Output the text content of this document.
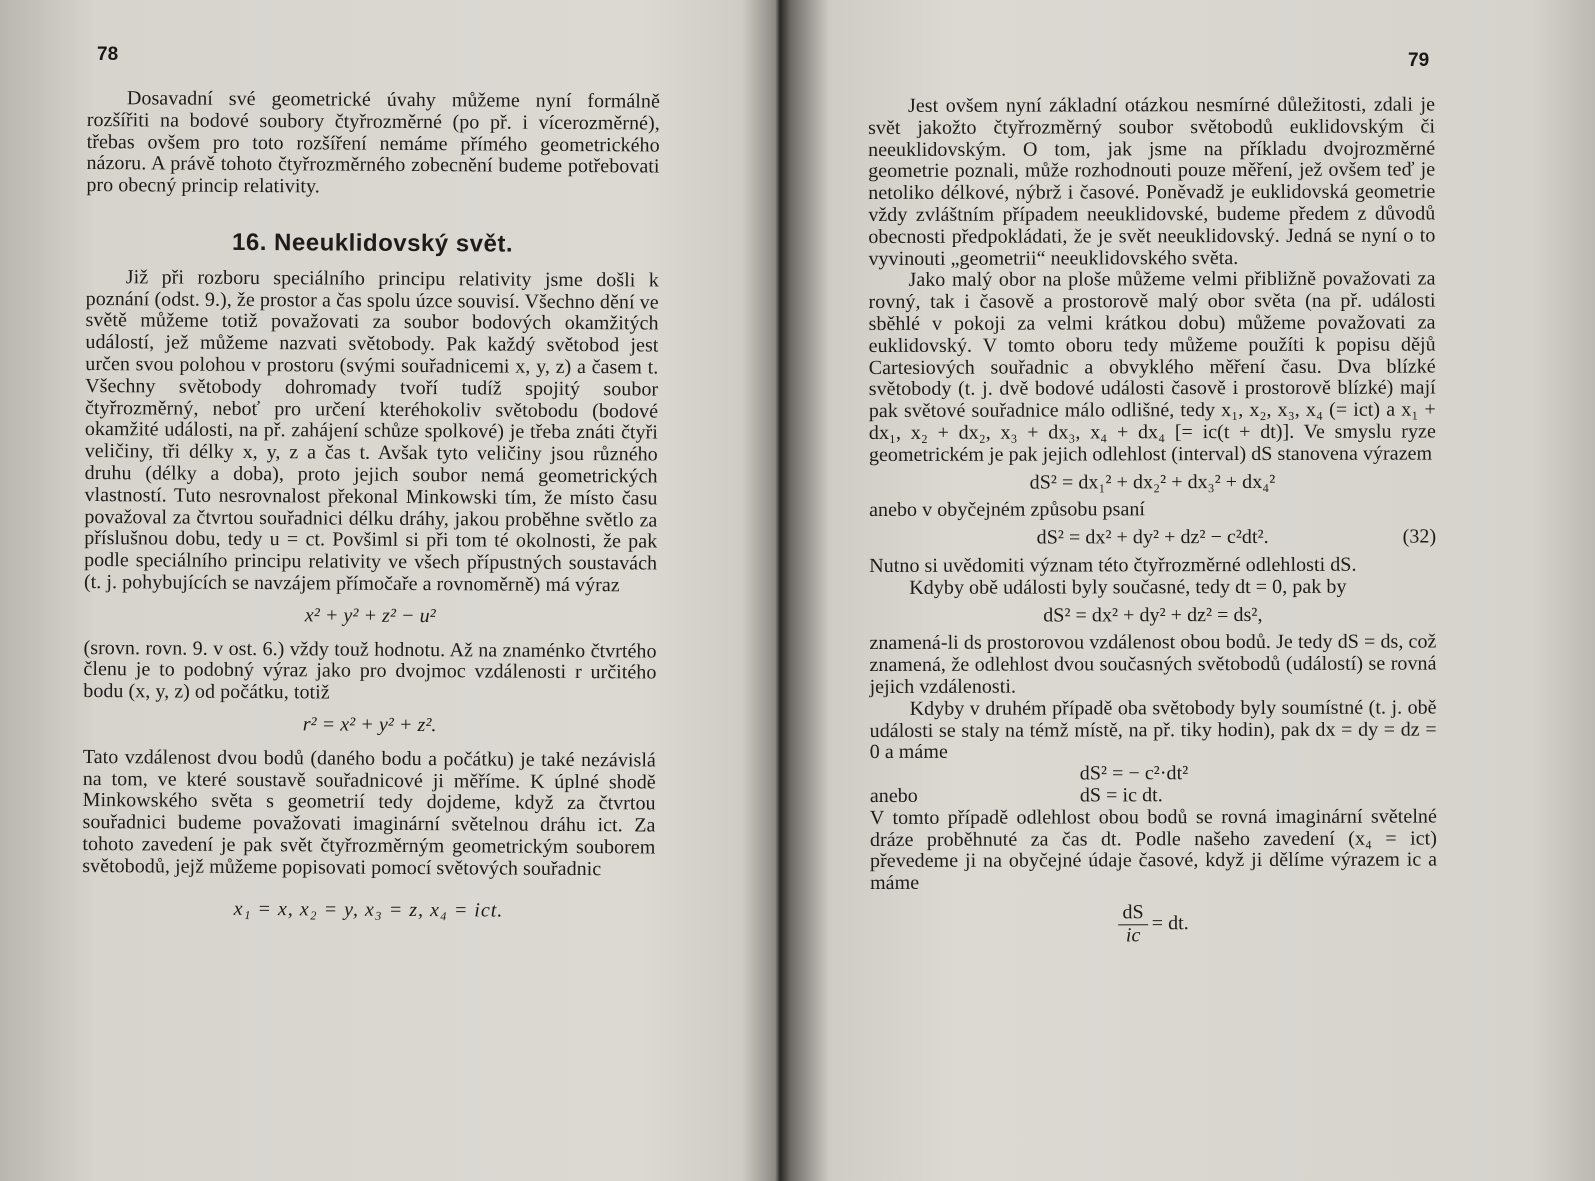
78

Dosavadní své geometrické úvahy můžeme nyní formálně rozšířiti na bodové soubory čtyřrozměrné (po př. i vícerozměrné), třebas ovšem pro toto rozšíření nemáme přímého geometrického názoru. A právě tohoto čtyřrozměrného zobecnění budeme potřebovati pro obecný princip relativity.

16. Neeuklidovský svět.

Již při rozboru speciálního principu relativity jsme došli k poznání (odst. 9.), že prostor a čas spolu úzce souvisí. Všechno dění ve světě můžeme totiž považovati za soubor bodových okamžitých událostí, jež můžeme nazvati světobody. Pak každý světobod jest určen svou polohou v prostoru (svými souřadnicemi x, y, z) a časem t. Všechny světobody dohromady tvoří tudíž spojitý soubor čtyřrozměrný, neboť pro určení kteréhokoliv světobodu (bodové okamžité události, na př. zahájení schůze spolkové) je třeba znáti čtyři veličiny, tři délky x, y, z a čas t. Avšak tyto veličiny jsou různého druhu (délky a doba), proto jejich soubor nemá geometrických vlastností. Tuto nesrovnalost překonal Minkowski tím, že místo času považoval za čtvrtou souřadnici délku dráhy, jakou proběhne světlo za příslušnou dobu, tedy u = ct. Povšiml si při tom té okolnosti, že pak podle speciálního principu relativity ve všech přípustných soustavách (t. j. pohybujících se navzájem přímočaře a rovnoměrně) má výraz

x² + y² + z² − u²

(srovn. rovn. 9. v ost. 6.) vždy touž hodnotu. Až na znaménko čtvrtého členu je to podobný výraz jako pro dvojmoc vzdálenosti r určitého bodu (x, y, z) od počátku, totiž

r² = x² + y² + z².

Tato vzdálenost dvou bodů (daného bodu a počátku) je také nezávislá na tom, ve které soustavě souřadnicové ji měříme. K úplné shodě Minkowského světa s geometrií tedy dojdeme, když za čtvrtou souřadnici budeme považovati imaginární světelnou dráhu ict. Za tohoto zavedení je pak svět čtyřrozměrným geometrickým souborem světobodů, jejž můžeme popisovati pomocí světových souřadnic

x₁ = x, x₂ = y, x₃ = z, x₄ = ict.
79

Jest ovšem nyní základní otázkou nesmírné důležitosti, zdali je svět jakožto čtyřrozměrný soubor světobodů euklidovským či neeuklidovským. O tom, jak jsme na příkladu dvojrozměrné geometrie poznali, může rozhodnouti pouze měření, jež ovšem teď je netoliko délkové, nýbrž i časové. Poněvadž je euklidovská geometrie vždy zvláštním případem neeuklidovské, budeme předem z důvodů obecnosti předpokládati, že je svět neeuklidovský. Jedná se nyní o to vyvinouti „geometrii“ neeuklidovského světa.

Jako malý obor na ploše můžeme velmi přibližně považovati za rovný, tak i časově a prostorově malý obor světa (na př. události sběhlé v pokoji za velmi krátkou dobu) můžeme považovati za euklidovský. V tomto oboru tedy můžeme použíti k popisu dějů Cartesiových souřadnic a obvyklého měření času. Dva blízké světobody (t. j. dvě bodové události časově i prostorově blízké) mají pak světové souřadnice málo odlišné, tedy x₁, x₂, x₃, x₄ (= ict) a x₁ + dx₁, x₂ + dx₂, x₃ + dx₃, x₄ + dx₄ [= ic(t + dt)]. Ve smyslu ryze geometrickém je pak jejich odlehlost (interval) dS stanovena výrazem

dS² = dx₁² + dx₂² + dx₃² + dx₄²

anebo v obyčejném způsobu psaní

dS² = dx² + dy² + dz² − c²dt².	(32)

Nutno si uvědomiti význam této čtyřrozměrné odlehlosti dS.

Kdyby obě události byly současné, tedy dt = 0, pak by

dS² = dx² + dy² + dz² = ds²,

znamená-li ds prostorovou vzdálenost obou bodů. Je tedy dS = ds, což znamená, že odlehlost dvou současných světobodů (událostí) se rovná jejich vzdálenosti.

Kdyby v druhém případě oba světobody byly soumístné (t. j. obě události se staly na témž místě, na př. tiky hodin), pak dx = dy = dz = 0 a máme

dS² = − c²·dt²
anebo	dS = ic dt.

V tomto případě odlehlost obou bodů se rovná imaginární světelné dráze proběhnuté za čas dt. Podle našeho zavedení (x₄ = ict) převedeme ji na obyčejné údaje časové, když ji dělíme výrazem ic a máme

$\frac{dS}{ic}$ = dt.
